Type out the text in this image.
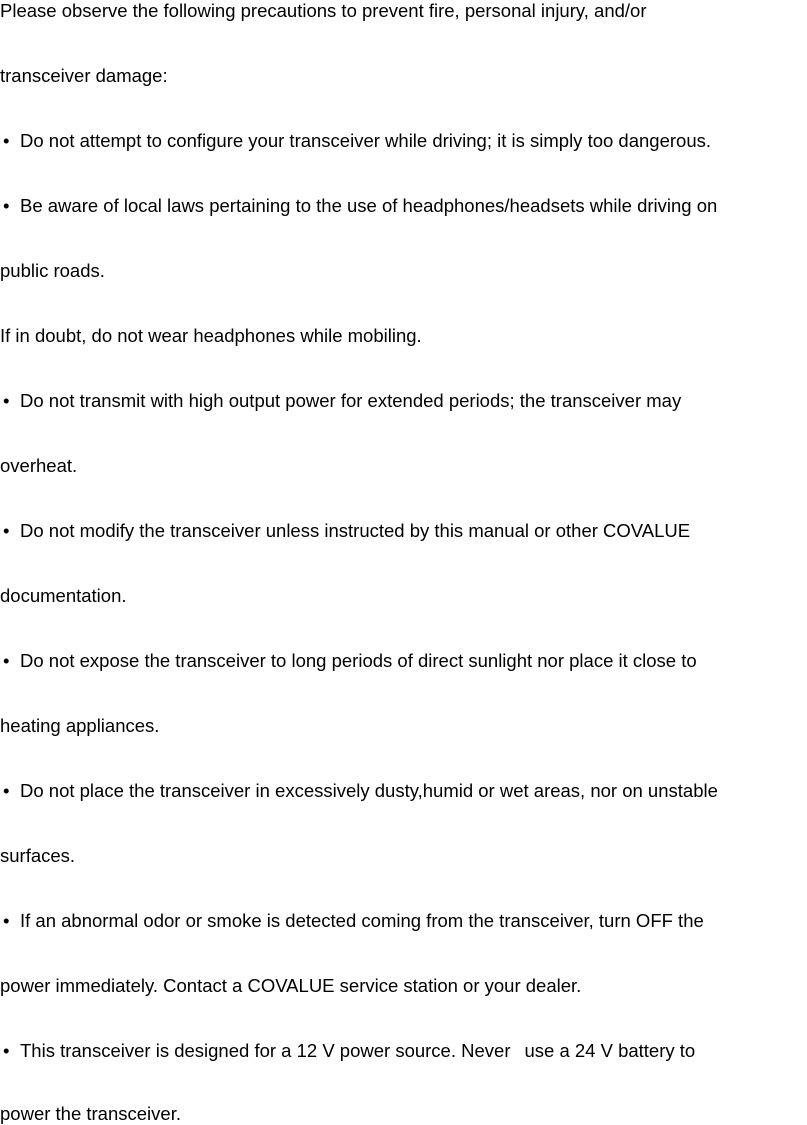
Please observe the following precautions to prevent fire, personal injury, and/or
transceiver damage:
• Do not attempt to configure your transceiver while driving; it is simply too dangerous.
• Be aware of local laws pertaining to the use of headphones/headsets while driving on
public roads.
If in doubt, do not wear headphones while mobiling.
• Do not transmit with high output power for extended periods; the transceiver may
overheat.
• Do not modify the transceiver unless instructed by this manual or other COVALUE
documentation.
• Do not expose the transceiver to long periods of direct sunlight nor place it close to
heating appliances.
• Do not place the transceiver in excessively dusty,humid or wet areas, nor on unstable
surfaces.
• If an abnormal odor or smoke is detected coming from the transceiver, turn OFF the
power immediately. Contact a COVALUE service station or your dealer.
• This transceiver is designed for a 12 V power source. Never use a 24 V battery to
power the transceiver.
